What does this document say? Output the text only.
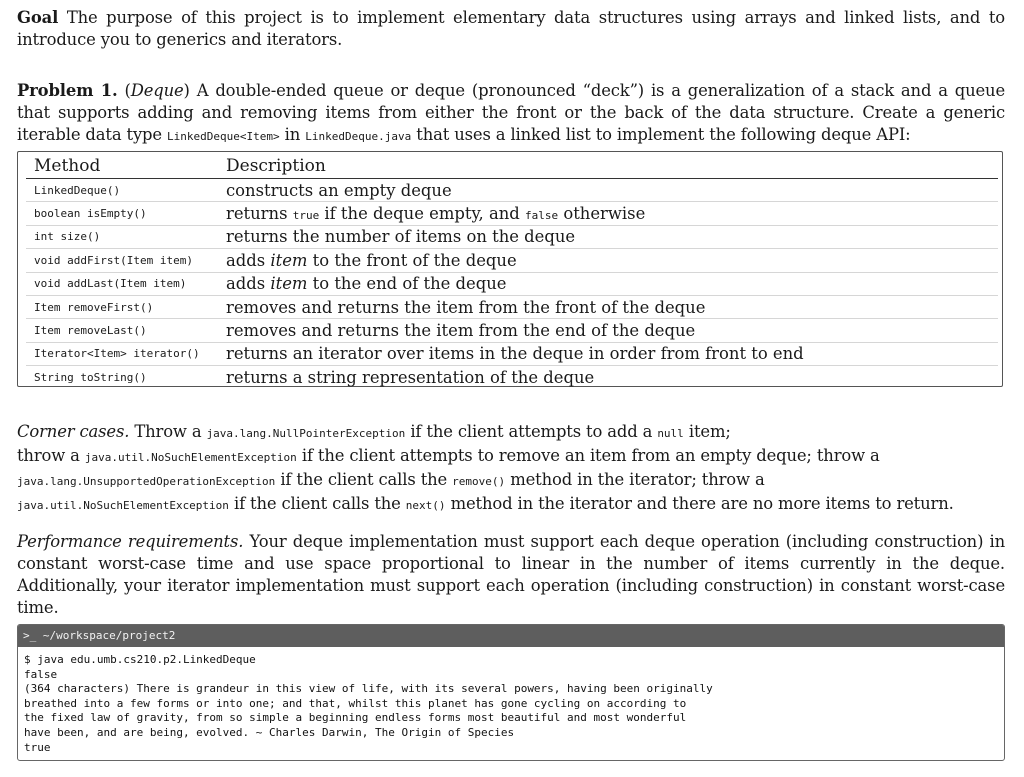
Goal The purpose of this project is to implement elementary data structures using arrays and linked lists, and to introduce you to generics and iterators.

Problem 1. (Deque) A double-ended queue or deque (pronounced “deck”) is a generalization of a stack and a queue that supports adding and removing items from either the front or the back of the data structure. Create a generic iterable data type LinkedDeque<Item> in LinkedDeque.java that uses a linked list to implement the following deque API:

Method	Description
LinkedDeque()	constructs an empty deque
boolean isEmpty()	returns true if the deque empty, and false otherwise
int size()	returns the number of items on the deque
void addFirst(Item item)	adds item to the front of the deque
void addLast(Item item)	adds item to the end of the deque
Item removeFirst()	removes and returns the item from the front of the deque
Item removeLast()	removes and returns the item from the end of the deque
Iterator<Item> iterator()	returns an iterator over items in the deque in order from front to end
String toString()	returns a string representation of the deque

Corner cases. Throw a java.lang.NullPointerException if the client attempts to add a null item;
throw a java.util.NoSuchElementException if the client attempts to remove an item from an empty deque; throw a
java.lang.UnsupportedOperationException if the client calls the remove() method in the iterator; throw a
java.util.NoSuchElementException if the client calls the next() method in the iterator and there are no more items to return.

Performance requirements. Your deque implementation must support each deque operation (including construction) in constant worst-case time and use space proportional to linear in the number of items currently in the deque. Additionally, your iterator implementation must support each operation (including construction) in constant worst-case time.

>_ ~/workspace/project2
$ java edu.umb.cs210.p2.LinkedDeque
false
(364 characters) There is grandeur in this view of life, with its several powers, having been originally
breathed into a few forms or into one; and that, whilst this planet has gone cycling on according to
the fixed law of gravity, from so simple a beginning endless forms most beautiful and most wonderful
have been, and are being, evolved. ~ Charles Darwin, The Origin of Species
true
